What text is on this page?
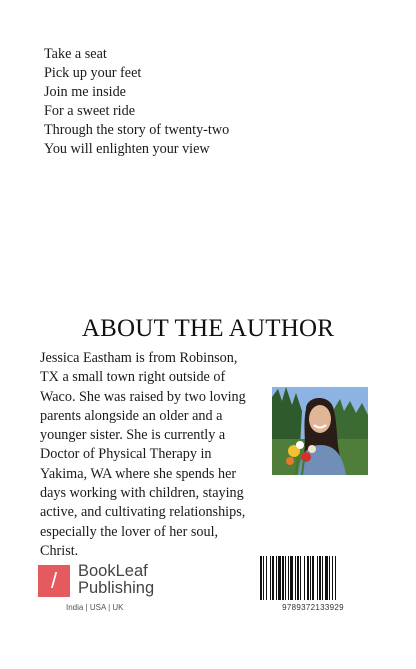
Take a seat
Pick up your feet
Join me inside
For a sweet ride
Through the story of twenty-two
You will enlighten your view
ABOUT THE AUTHOR
Jessica Eastham is from Robinson,
TX a small town right outside of
Waco. She was raised by two loving
parents alongside an older and a
younger sister. She is currently a
Doctor of Physical Therapy in
Yakima, WA where she spends her
days working with children, staying
active, and cultivating relationships,
especially the lover of her soul,
Christ.
/	BookLeaf
Publishing
India | USA | UK	9789372133929
